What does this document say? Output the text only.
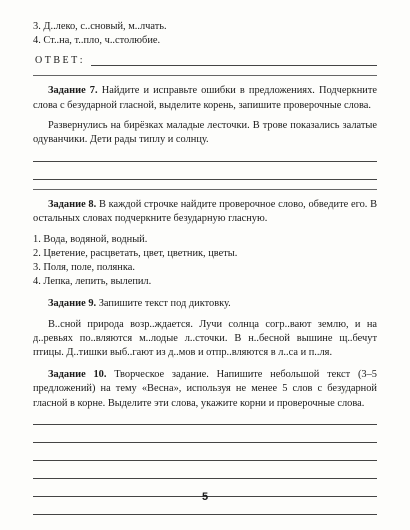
3. Д..леко, с..сновый, м..лчать.

4. Ст..на, т..пло, ч..столюбие.

ОТВЕТ:

Задание 7. Найдите и исправьте ошибки в предложениях. Подчеркните слова с безударной гласной, выделите корень, запишите проверочные слова.

Развернулись на бирёзках маладые лесточки. В трове показались залатые одуванчики. Дети рады типлу и солнцу.

Задание 8. В каждой строчке найдите проверочное слово, обведите его. В остальных словах подчеркните безударную гласную.

1. Вода, водяной, водный.

2. Цветение, расцветать, цвет, цветник, цветы.

3. Поля, поле, полянка.

4. Лепка, лепить, вылепил.

Задание 9. Запишите текст под диктовку.

В..сной природа возр..ждается. Лучи солнца согр..вают землю, и на д..ревьях по..вляются м..лодые л..сточки. В н..бесной вышине щ..бечут птицы. Д..тишки выб..гают из д..мов и отпр..вляются в л..са и п..ля.

Задание 10. Творческое задание. Напишите небольшой текст (3–5 предложений) на тему «Весна», используя не менее 5 слов с безударной гласной в корне. Выделите эти слова, укажите корни и проверочные слова.

5
